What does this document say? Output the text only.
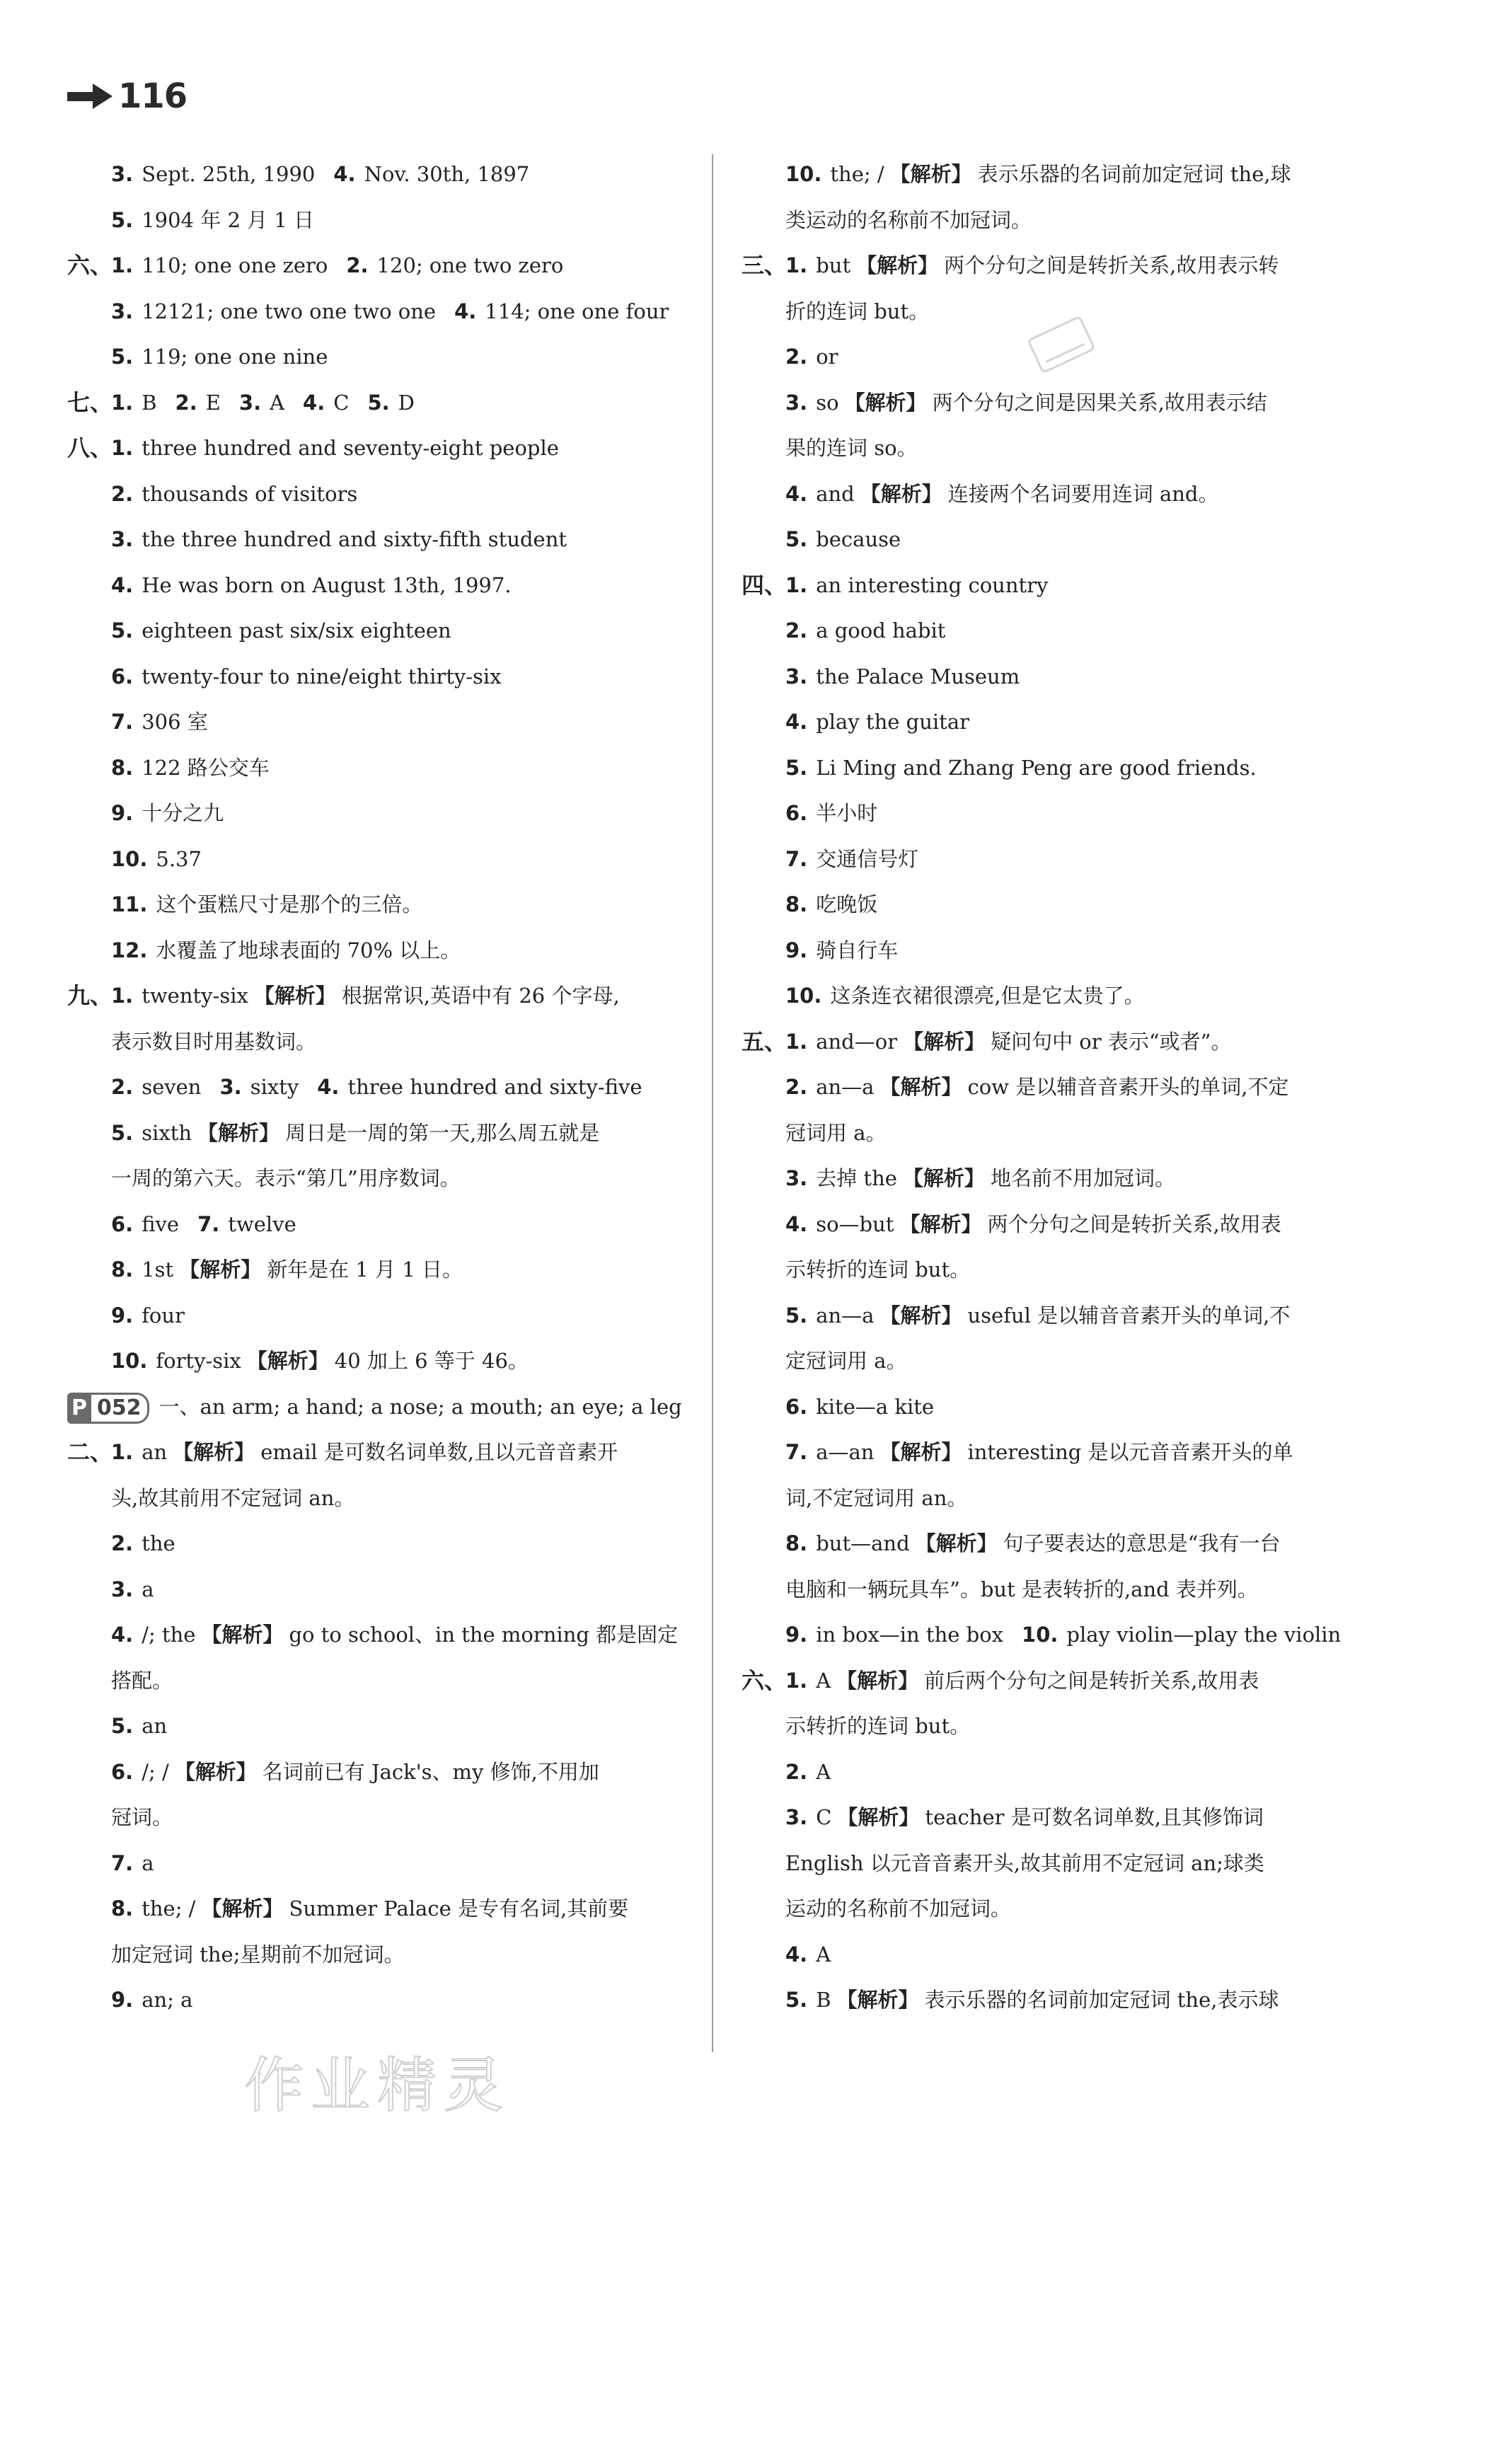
116
3. Sept. 25th, 1990 4. Nov. 30th, 1897
5. 1904 年 2 月 1 日
六、
1. 110; one one zero 2. 120; one two zero
3. 12121; one two one two one 4. 114; one one four
5. 119; one one nine
七、
1. B 2. E 3. A 4. C 5. D
八、
1. three hundred and seventy-eight people
2. thousands of visitors
3. the three hundred and sixty-fifth student
4. He was born on August 13th, 1997.
5. eighteen past six/six eighteen
6. twenty-four to nine/eight thirty-six
7. 306 室
8. 122 路公交车
9. 十分之九
10. 5.37
11. 这个蛋糕尺寸是那个的三倍。
12. 水覆盖了地球表面的 70% 以上。
九、
1. twenty-six 【解析】 根据常识,英语中有 26 个字母,
表示数目时用基数词。
2. seven 3. sixty 4. three hundred and sixty-five
5. sixth 【解析】 周日是一周的第一天,那么周五就是
一周的第六天。表示“第几”用序数词。
6. five 7. twelve
8. 1st 【解析】 新年是在 1 月 1 日。
9. four
10. forty-six 【解析】 40 加上 6 等于 46。
P 052 一、an arm; a hand; a nose; a mouth; an eye; a leg
二、
1. an 【解析】 email 是可数名词单数,且以元音音素开
头,故其前用不定冠词 an。
2. the
3. a
4. /; the 【解析】 go to school、in the morning 都是固定
搭配。
5. an
6. /; / 【解析】 名词前已有 Jack's、my 修饰,不用加
冠词。
7. a
8. the; / 【解析】 Summer Palace 是专有名词,其前要
加定冠词 the;星期前不加冠词。
9. an; a
10. the; / 【解析】 表示乐器的名词前加定冠词 the,球
类运动的名称前不加冠词。
三、
1. but 【解析】 两个分句之间是转折关系,故用表示转
折的连词 but。
2. or
3. so 【解析】 两个分句之间是因果关系,故用表示结
果的连词 so。
4. and 【解析】 连接两个名词要用连词 and。
5. because
四、
1. an interesting country
2. a good habit
3. the Palace Museum
4. play the guitar
5. Li Ming and Zhang Peng are good friends.
6. 半小时
7. 交通信号灯
8. 吃晚饭
9. 骑自行车
10. 这条连衣裙很漂亮,但是它太贵了。
五、
1. and—or 【解析】 疑问句中 or 表示“或者”。
2. an—a 【解析】 cow 是以辅音音素开头的单词,不定
冠词用 a。
3. 去掉 the 【解析】 地名前不用加冠词。
4. so—but 【解析】 两个分句之间是转折关系,故用表
示转折的连词 but。
5. an—a 【解析】 useful 是以辅音音素开头的单词,不
定冠词用 a。
6. kite—a kite
7. a—an 【解析】 interesting 是以元音音素开头的单
词,不定冠词用 an。
8. but—and 【解析】 句子要表达的意思是“我有一台
电脑和一辆玩具车”。but 是表转折的,and 表并列。
9. in box—in the box 10. play violin—play the violin
六、
1. A 【解析】 前后两个分句之间是转折关系,故用表
示转折的连词 but。
2. A
3. C 【解析】 teacher 是可数名词单数,且其修饰词
English 以元音音素开头,故其前用不定冠词 an;球类
运动的名称前不加冠词。
4. A
5. B 【解析】 表示乐器的名词前加定冠词 the,表示球
作业精灵
